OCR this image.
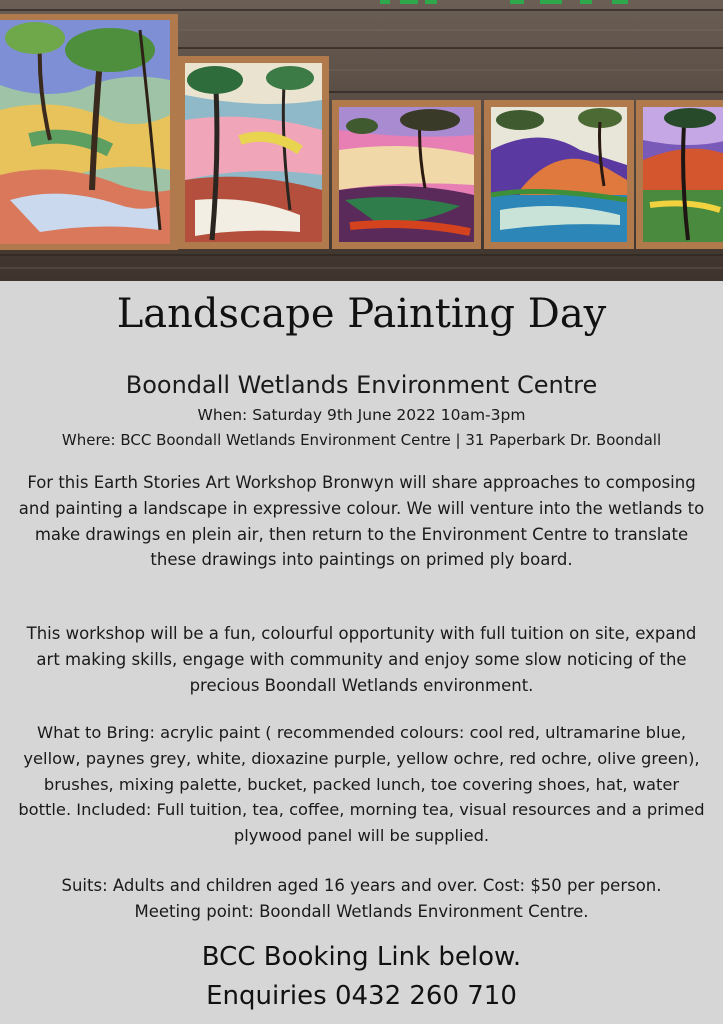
Landscape Painting Day
Boondall Wetlands Environment Centre
When: Saturday 9th June 2022 10am-3pm
Where: BCC Boondall Wetlands Environment Centre | 31 Paperbark Dr. Boondall

For this Earth Stories Art Workshop Bronwyn will share approaches to composing and painting a landscape in expressive colour. We will venture into the wetlands to make drawings en plein air, then return to the Environment Centre to translate these drawings into paintings on primed ply board.

This workshop will be a fun, colourful opportunity with full tuition on site, expand art making skills, engage with community and enjoy some slow noticing of the precious Boondall Wetlands environment.

What to Bring: acrylic paint ( recommended colours: cool red, ultramarine blue, yellow, paynes grey, white, dioxazine purple, yellow ochre, red ochre, olive green), brushes, mixing palette, bucket, packed lunch, toe covering shoes, hat, water bottle. Included: Full tuition, tea, coffee, morning tea, visual resources and a primed plywood panel will be supplied.

Suits: Adults and children aged 16 years and over. Cost: $50 per person.
Meeting point: Boondall Wetlands Environment Centre.
BCC Booking Link below.
Enquiries 0432 260 710
